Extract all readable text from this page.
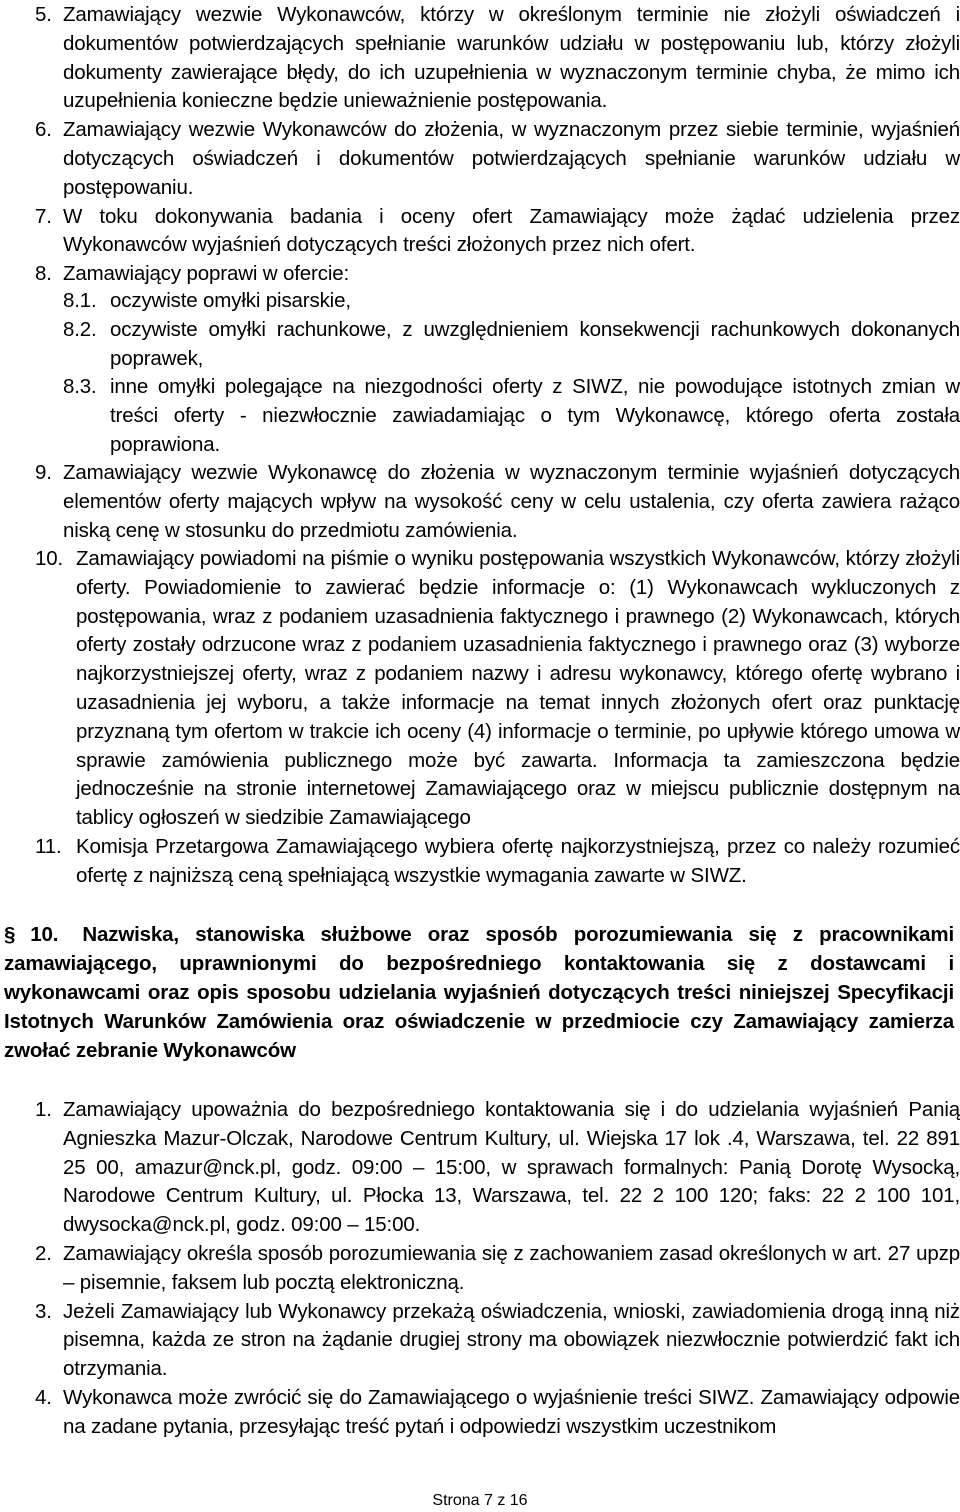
5. Zamawiający wezwie Wykonawców, którzy w określonym terminie nie złożyli oświadczeń i dokumentów potwierdzających spełnianie warunków udziału w postępowaniu lub, którzy złożyli dokumenty zawierające błędy, do ich uzupełnienia w wyznaczonym terminie chyba, że mimo ich uzupełnienia konieczne będzie unieważnienie postępowania.
6. Zamawiający wezwie Wykonawców do złożenia, w wyznaczonym przez siebie terminie, wyjaśnień dotyczących oświadczeń i dokumentów potwierdzających spełnianie warunków udziału w postępowaniu.
7. W toku dokonywania badania i oceny ofert Zamawiający może żądać udzielenia przez Wykonawców wyjaśnień dotyczących treści złożonych przez nich ofert.
8. Zamawiający poprawi w ofercie:
8.1. oczywiste omyłki pisarskie,
8.2. oczywiste omyłki rachunkowe, z uwzględnieniem konsekwencji rachunkowych dokonanych poprawek,
8.3. inne omyłki polegające na niezgodności oferty z SIWZ, nie powodujące istotnych zmian w treści oferty - niezwłocznie zawiadamiając o tym Wykonawcę, którego oferta została poprawiona.
9. Zamawiający wezwie Wykonawcę do złożenia w wyznaczonym terminie wyjaśnień dotyczących elementów oferty mających wpływ na wysokość ceny w celu ustalenia, czy oferta zawiera rażąco niską cenę w stosunku do przedmiotu zamówienia.
10. Zamawiający powiadomi na piśmie o wyniku postępowania wszystkich Wykonawców, którzy złożyli oferty. Powiadomienie to zawierać będzie informacje o: (1) Wykonawcach wykluczonych z postępowania, wraz z podaniem uzasadnienia faktycznego i prawnego (2) Wykonawcach, których oferty zostały odrzucone wraz z podaniem uzasadnienia faktycznego i prawnego oraz (3) wyborze najkorzystniejszej oferty, wraz z podaniem nazwy i adresu wykonawcy, którego ofertę wybrano i uzasadnienia jej wyboru, a także informacje na temat innych złożonych ofert oraz punktację przyznaną tym ofertom w trakcie ich oceny (4) informacje o terminie, po upływie którego umowa w sprawie zamówienia publicznego może być zawarta. Informacja ta zamieszczona będzie jednocześnie na stronie internetowej Zamawiającego oraz w miejscu publicznie dostępnym na tablicy ogłoszeń w siedzibie Zamawiającego
11. Komisja Przetargowa Zamawiającego wybiera ofertę najkorzystniejszą, przez co należy rozumieć ofertę z najniższą ceną spełniającą wszystkie wymagania zawarte w SIWZ.
§ 10. Nazwiska, stanowiska służbowe oraz sposób porozumiewania się z pracownikami zamawiającego, uprawnionymi do bezpośredniego kontaktowania się z dostawcami i wykonawcami oraz opis sposobu udzielania wyjaśnień dotyczących treści niniejszej Specyfikacji Istotnych Warunków Zamówienia oraz oświadczenie w przedmiocie czy Zamawiający zamierza zwołać zebranie Wykonawców
1. Zamawiający upoważnia do bezpośredniego kontaktowania się i do udzielania wyjaśnień Panią Agnieszka Mazur-Olczak, Narodowe Centrum Kultury, ul. Wiejska 17 lok .4, Warszawa, tel. 22 891 25 00, amazur@nck.pl, godz. 09:00 – 15:00, w sprawach formalnych: Panią Dorotę Wysocką, Narodowe Centrum Kultury, ul. Płocka 13, Warszawa, tel. 22 2 100 120; faks: 22 2 100 101, dwysocka@nck.pl, godz. 09:00 – 15:00.
2. Zamawiający określa sposób porozumiewania się z zachowaniem zasad określonych w art. 27 upzp – pisemnie, faksem lub pocztą elektroniczną.
3. Jeżeli Zamawiający lub Wykonawcy przekażą oświadczenia, wnioski, zawiadomienia drogą inną niż pisemna, każda ze stron na żądanie drugiej strony ma obowiązek niezwłocznie potwierdzić fakt ich otrzymania.
4. Wykonawca może zwrócić się do Zamawiającego o wyjaśnienie treści SIWZ. Zamawiający odpowie na zadane pytania, przesyłając treść pytań i odpowiedzi wszystkim uczestnikom
Strona 7 z 16
